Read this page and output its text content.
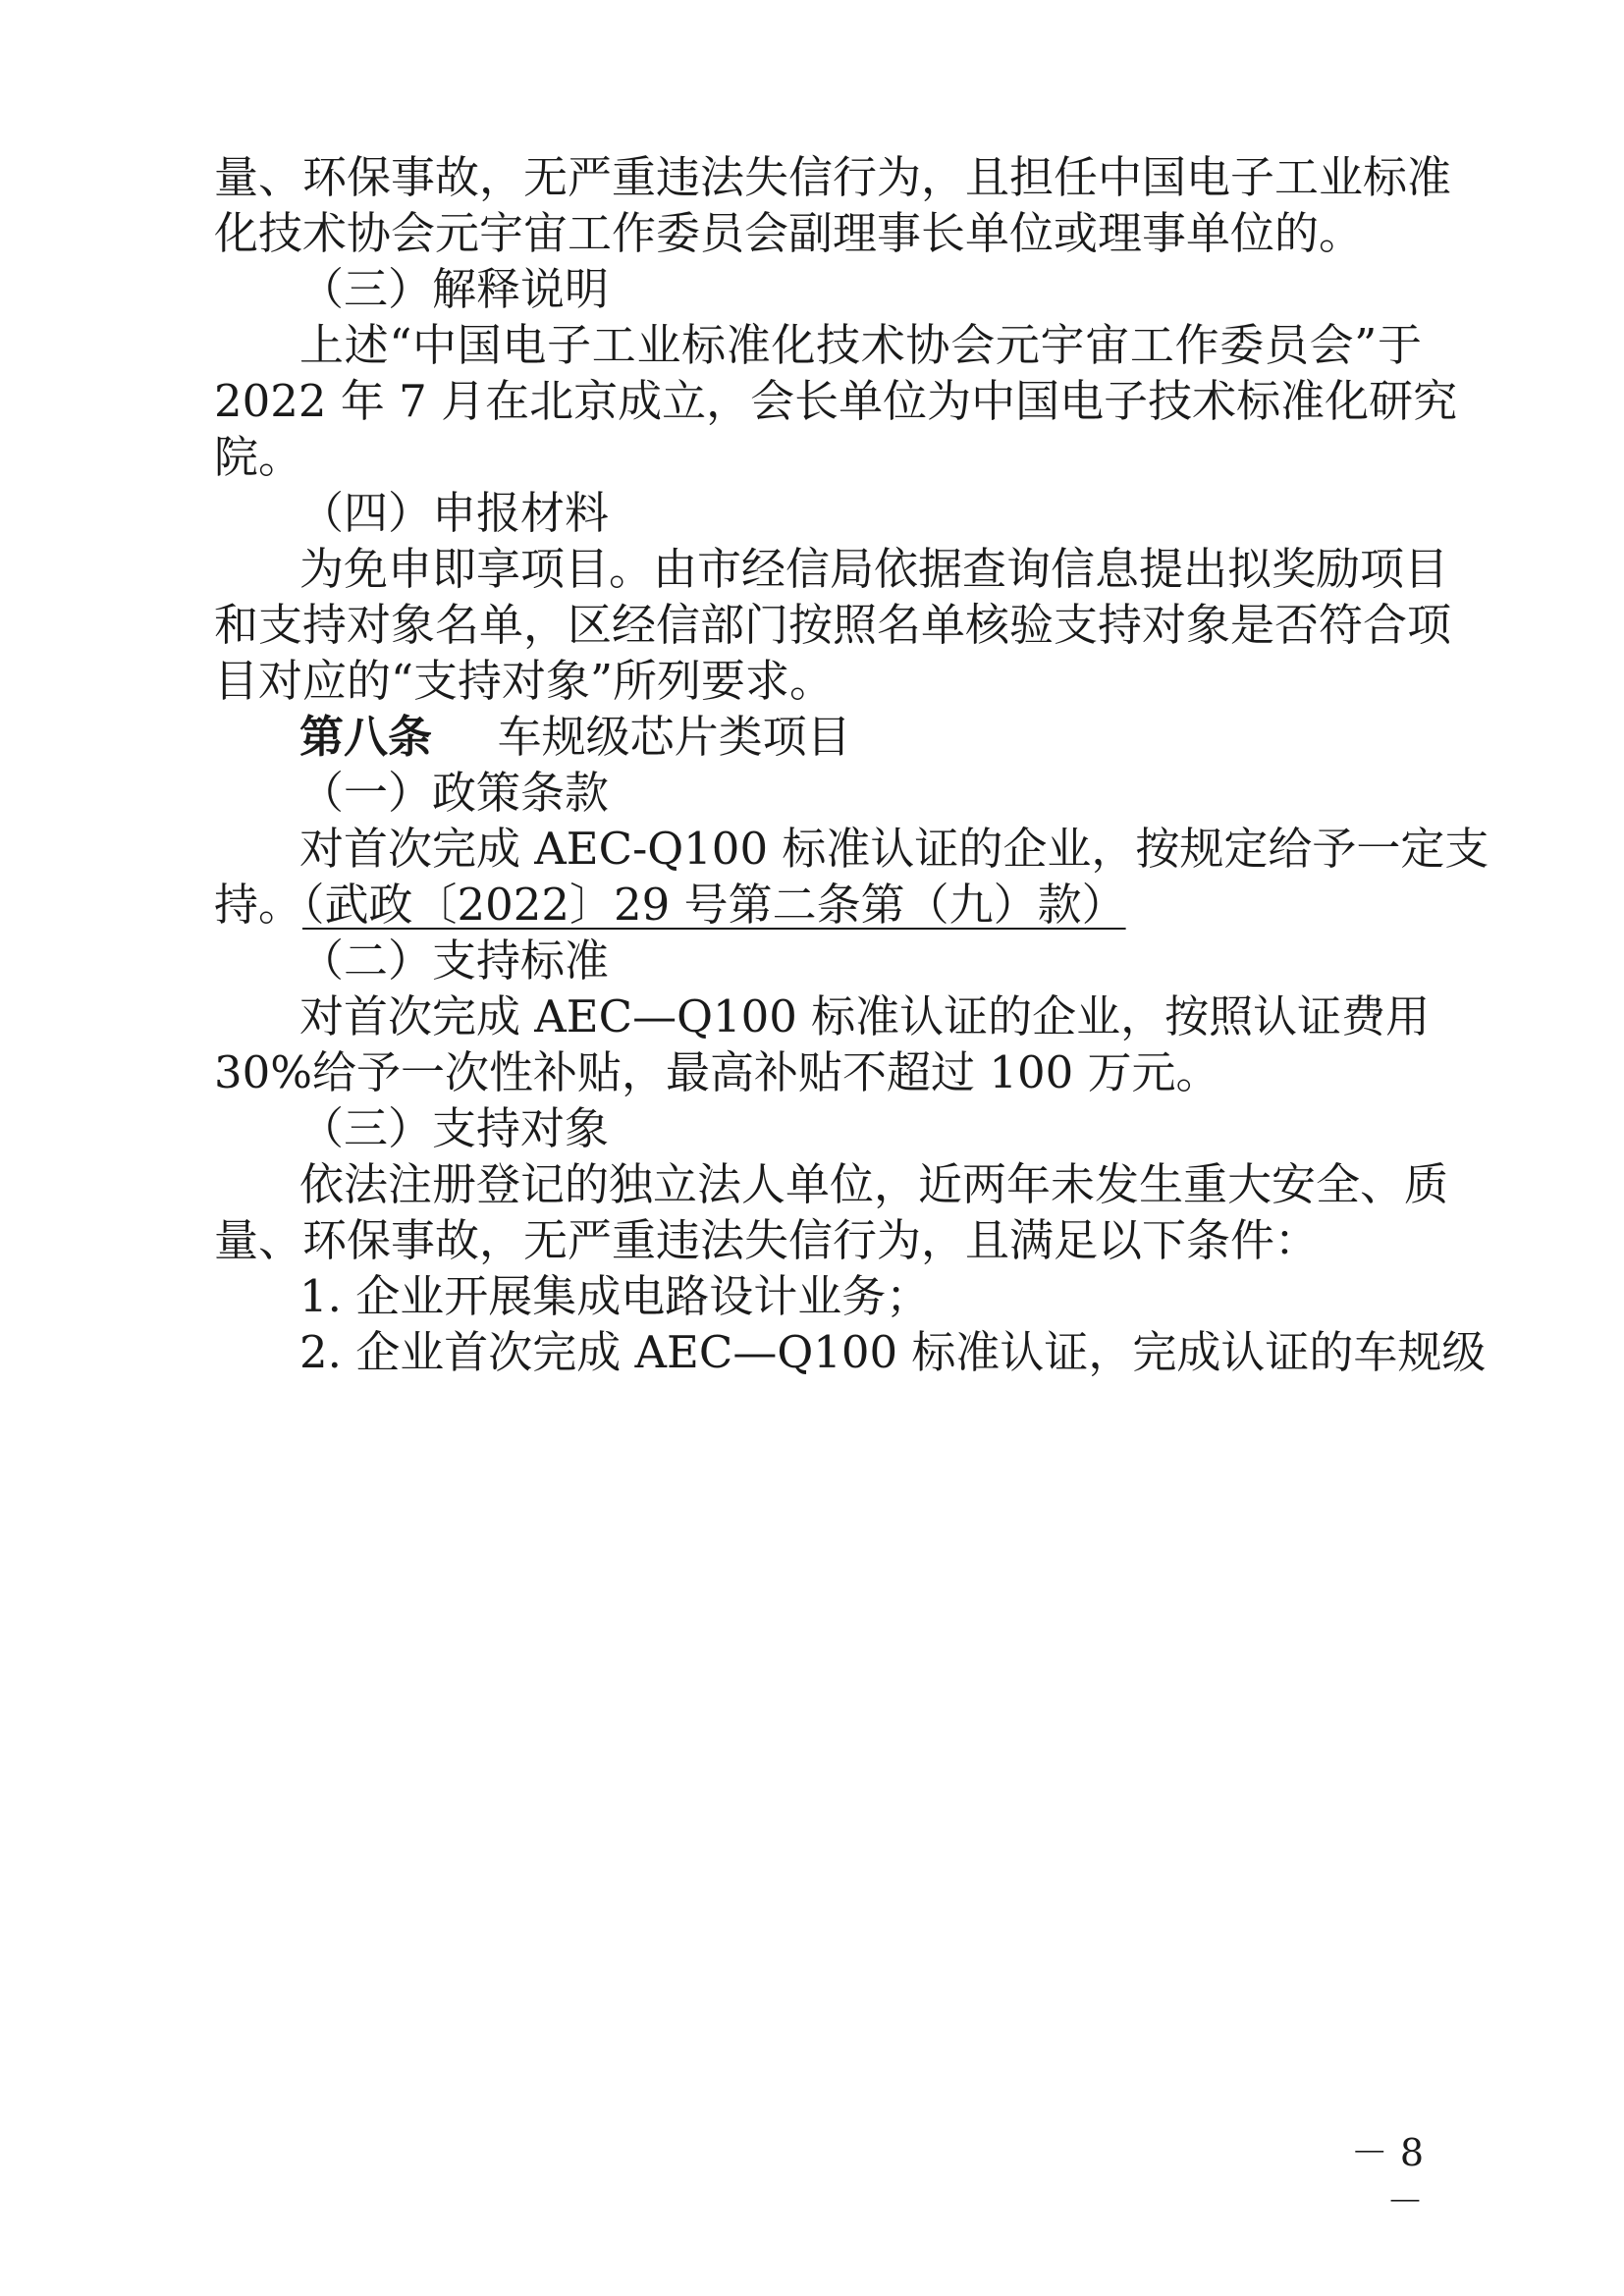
量、环保事故，无严重违法失信行为，且担任中国电子工业标准
化技术协会元宇宙工作委员会副理事长单位或理事单位的。
（三）解释说明
上述“中国电子工业标准化技术协会元宇宙工作委员会”于
2022 年 7 月在北京成立，会长单位为中国电子技术标准化研究
院。
（四）申报材料
为免申即享项目。由市经信局依据查询信息提出拟奖励项目
和支持对象名单，区经信部门按照名单核验支持对象是否符合项
目对应的“支持对象”所列要求。
第八条 车规级芯片类项目
（一）政策条款
对首次完成 AEC-Q100 标准认证的企业，按规定给予一定支
持。（武政〔2022〕29 号第二条第（九）款）
（二）支持标准
对首次完成 AEC—Q100 标准认证的企业，按照认证费用
30%给予一次性补贴，最高补贴不超过 100 万元。
（三）支持对象
依法注册登记的独立法人单位，近两年未发生重大安全、质
量、环保事故，无严重违法失信行为，且满足以下条件：
1. 企业开展集成电路设计业务；
2. 企业首次完成 AEC—Q100 标准认证，完成认证的车规级
－ 8 －
